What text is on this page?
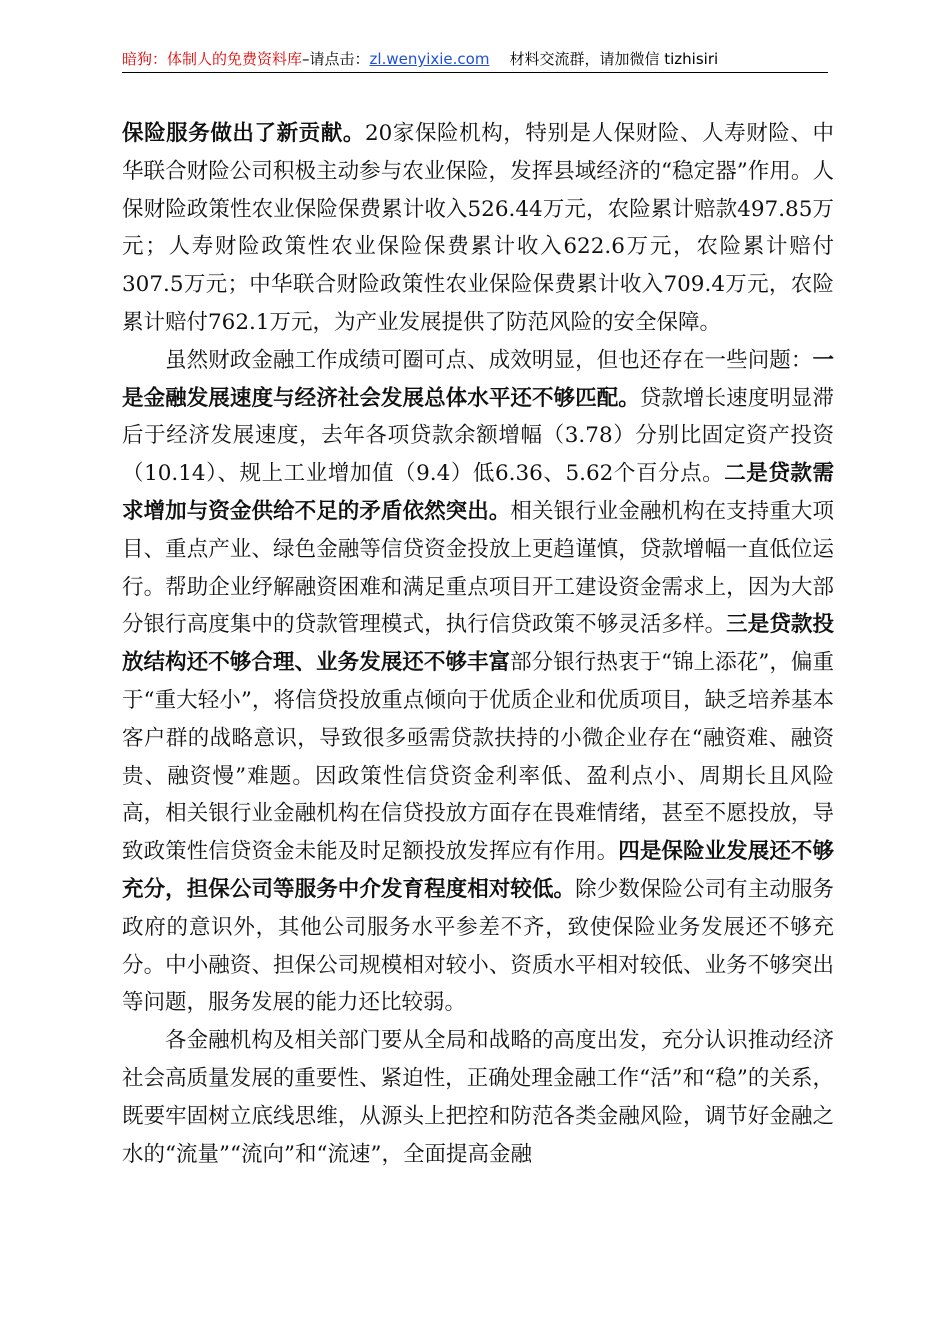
暗狗：体制人的免费资料库–请点击：zl.wenyixie.com 材料交流群，请加微信 tizhisiri

保险服务做出了新贡献。20家保险机构，特别是人保财险、人寿财险、中华联合财险公司积极主动参与农业保险，发挥县域经济的“稳定器”作用。人保财险政策性农业保险保费累计收入526.44万元，农险累计赔款497.85万元；人寿财险政策性农业保险保费累计收入622.6万元，农险累计赔付307.5万元；中华联合财险政策性农业保险保费累计收入709.4万元，农险累计赔付762.1万元，为产业发展提供了防范风险的安全保障。

虽然财政金融工作成绩可圈可点、成效明显，但也还存在一些问题：一是金融发展速度与经济社会发展总体水平还不够匹配。贷款增长速度明显滞后于经济发展速度，去年各项贷款余额增幅（3.78）分别比固定资产投资（10.14）、规上工业增加值（9.4）低6.36、5.62个百分点。二是贷款需求增加与资金供给不足的矛盾依然突出。相关银行业金融机构在支持重大项目、重点产业、绿色金融等信贷资金投放上更趋谨慎，贷款增幅一直低位运行。帮助企业纾解融资困难和满足重点项目开工建设资金需求上，因为大部分银行高度集中的贷款管理模式，执行信贷政策不够灵活多样。三是贷款投放结构还不够合理、业务发展还不够丰富部分银行热衷于“锦上添花”，偏重于“重大轻小”，将信贷投放重点倾向于优质企业和优质项目，缺乏培养基本客户群的战略意识，导致很多亟需贷款扶持的小微企业存在“融资难、融资贵、融资慢”难题。因政策性信贷资金利率低、盈利点小、周期长且风险高，相关银行业金融机构在信贷投放方面存在畏难情绪，甚至不愿投放，导致政策性信贷资金未能及时足额投放发挥应有作用。四是保险业发展还不够充分，担保公司等服务中介发育程度相对较低。除少数保险公司有主动服务政府的意识外，其他公司服务水平参差不齐，致使保险业务发展还不够充分。中小融资、担保公司规模相对较小、资质水平相对较低、业务不够突出等问题，服务发展的能力还比较弱。

各金融机构及相关部门要从全局和战略的高度出发，充分认识推动经济社会高质量发展的重要性、紧迫性，正确处理金融工作“活”和“稳”的关系，既要牢固树立底线思维，从源头上把控和防范各类金融风险，调节好金融之水的“流量”“流向”和“流速”，全面提高金融
